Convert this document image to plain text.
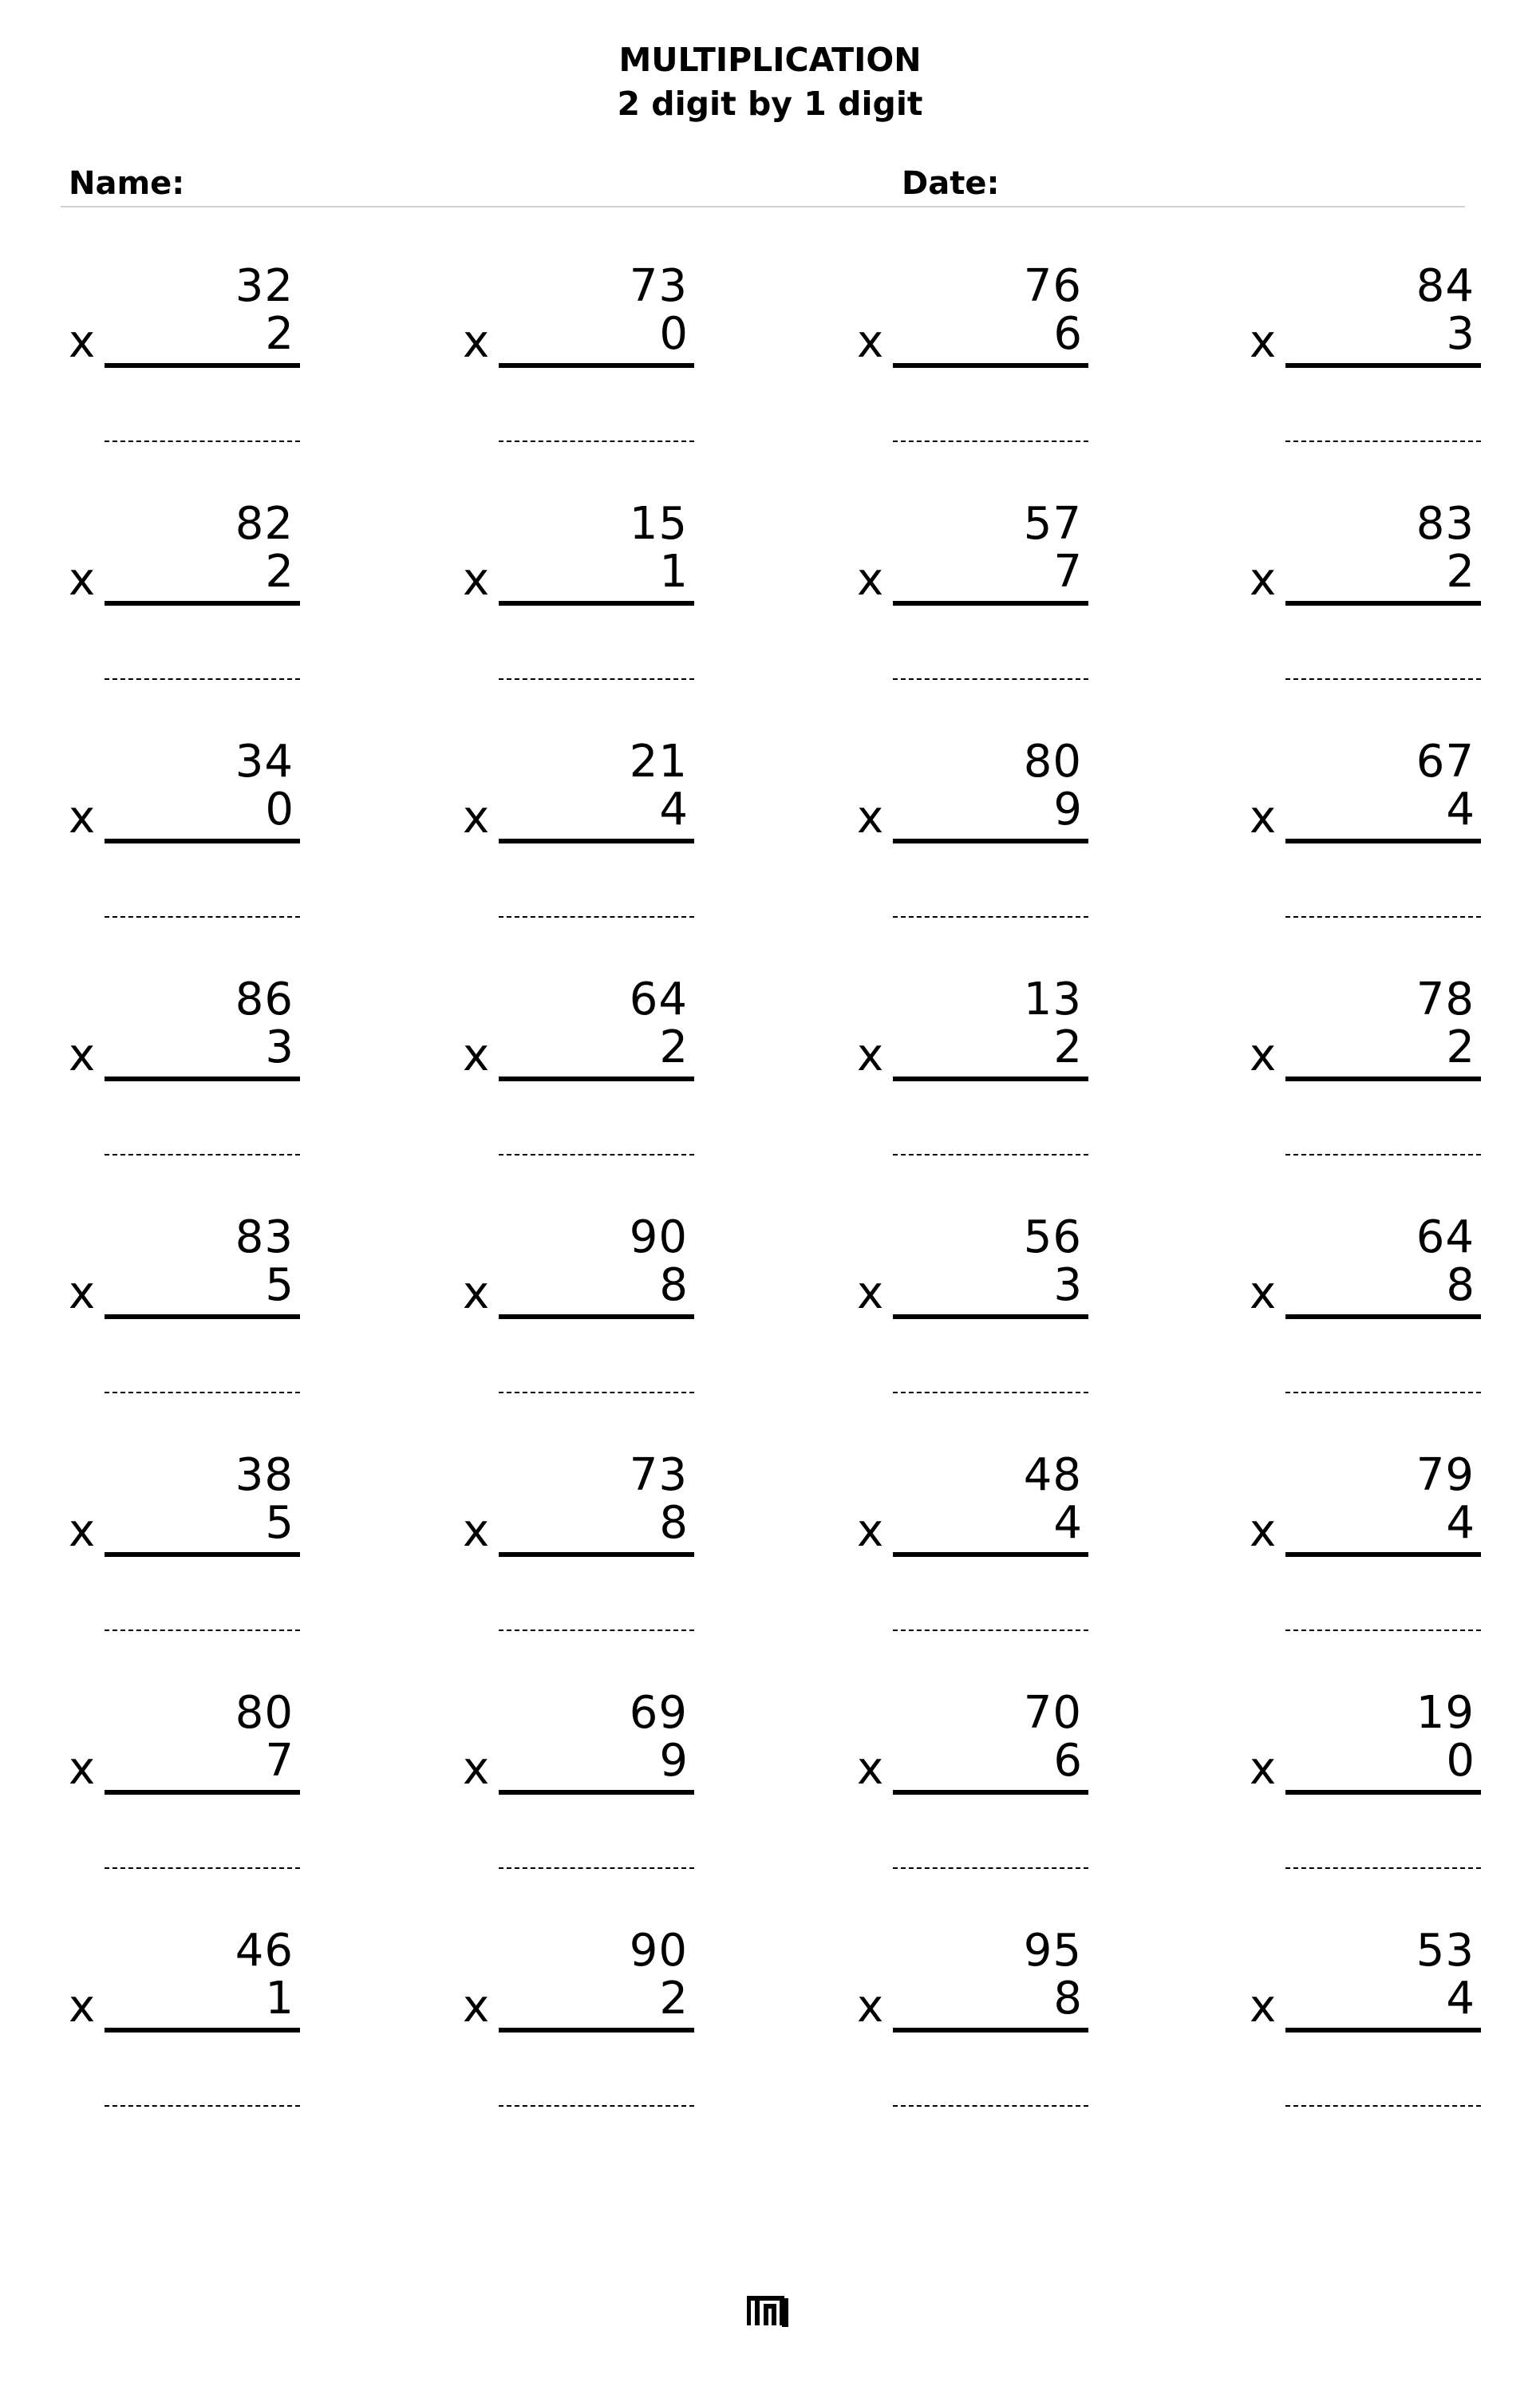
MULTIPLICATION
2 digit by 1 digit
Name:	Date:
32
2
x
73
0
x
76
6
x
84
3
x
82
2
x
15
1
x
57
7
x
83
2
x
34
0
x
21
4
x
80
9
x
67
4
x
86
3
x
64
2
x
13
2
x
78
2
x
83
5
x
90
8
x
56
3
x
64
8
x
38
5
x
73
8
x
48
4
x
79
4
x
80
7
x
69
9
x
70
6
x
19
0
x
46
1
x
90
2
x
95
8
x
53
4
x
